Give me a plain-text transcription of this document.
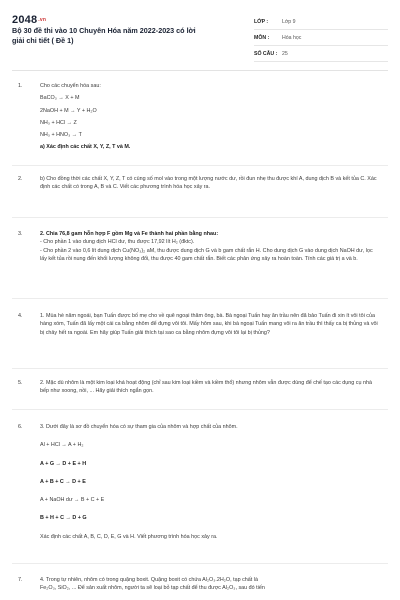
2048.vn
Bộ 30 đề thi vào 10 Chuyên Hóa năm 2022-2023 có lời giải chi tiết ( Đề 1)
LỚP :	Lớp 9
MÔN :	Hóa học
SỐ CÂU : 25
1.	Cho các chuyển hóa sau:
BaCO₃ → X + M
2NaOH + M → Y + H₂O
NH₃ + HCl → Z
NH₃ + HNO₃ → T
a) Xác định các chất X, Y, Z, T và M.
2.	b) Cho đồng thời các chất X, Y, Z, T có cùng số mol vào trong một lượng nước dư, rồi đun nhẹ thu được khí A, dung dịch B và kết tủa C. Xác định các chất có trong A, B và C. Viết các phương trình hóa học xảy ra.

3.	2. Chia 76,8 gam hỗn hợp F gồm Mg và Fe thành hai phần bằng nhau:

- Cho phần 1 vào dung dịch HCl dư, thu được 17,92 lít H₂ (đktc).

- Cho phần 2 vào 0,6 lít dung dịch Cu(NO₃)₂ aM, thu được dung dịch G và b gam chất rắn H. Cho dung dịch G vào dung dịch NaOH dư, lọc lấy kết tủa rồi nung đến khối lượng không đổi, thu được 40 gam chất rắn. Biết các phản ứng xảy ra hoàn toàn. Tính các giá trị a và b.

4.	1. Mùa hè năm ngoái, bạn Tuấn được bố mẹ cho về quê ngoại thăm ông, bà. Bà ngoại Tuấn hay ăn trầu nên đã bảo Tuấn đi xin ít vôi tôi của hàng xóm, Tuấn đã lấy một cái ca bằng nhôm để đựng vôi tôi. Mấy hôm sau, khi bà ngoại Tuấn mang vôi ra ăn trầu thì thấy ca bị thủng và vôi bị chảy hết ra ngoài. Em hãy giúp Tuấn giải thích tại sao ca bằng nhôm đựng vôi tôi lại bị thủng?

5.	2. Mặc dù nhôm là một kim loại khá hoạt động (chỉ sau kim loại kiềm và kiềm thổ) nhưng nhôm vẫn được dùng để chế tạo các dụng cụ nhà bếp như xoong, nồi, ... Hãy giải thích ngắn gọn.

6.	3. Dưới đây là sơ đồ chuyển hóa có sự tham gia của nhôm và hợp chất của nhôm.
Al + HCl → A + H₂
A + G → D + E + H
A + B + C → D + E
A + NaOH dư → B + C + E
B + H + C → D + G
Xác định các chất A, B, C, D, E, G và H. Viết phương trình hóa học xảy ra.
7.	4. Trong tự nhiên, nhôm có trong quặng boxit. Quặng boxit có chứa Al₂O₃.2H₂O, tạp chất là
Fe₂O₃, SiO₂, ... Để sản xuất nhôm, người ta sẽ loại bỏ tạp chất để thu được Al₂O₃, sau đó tiến
